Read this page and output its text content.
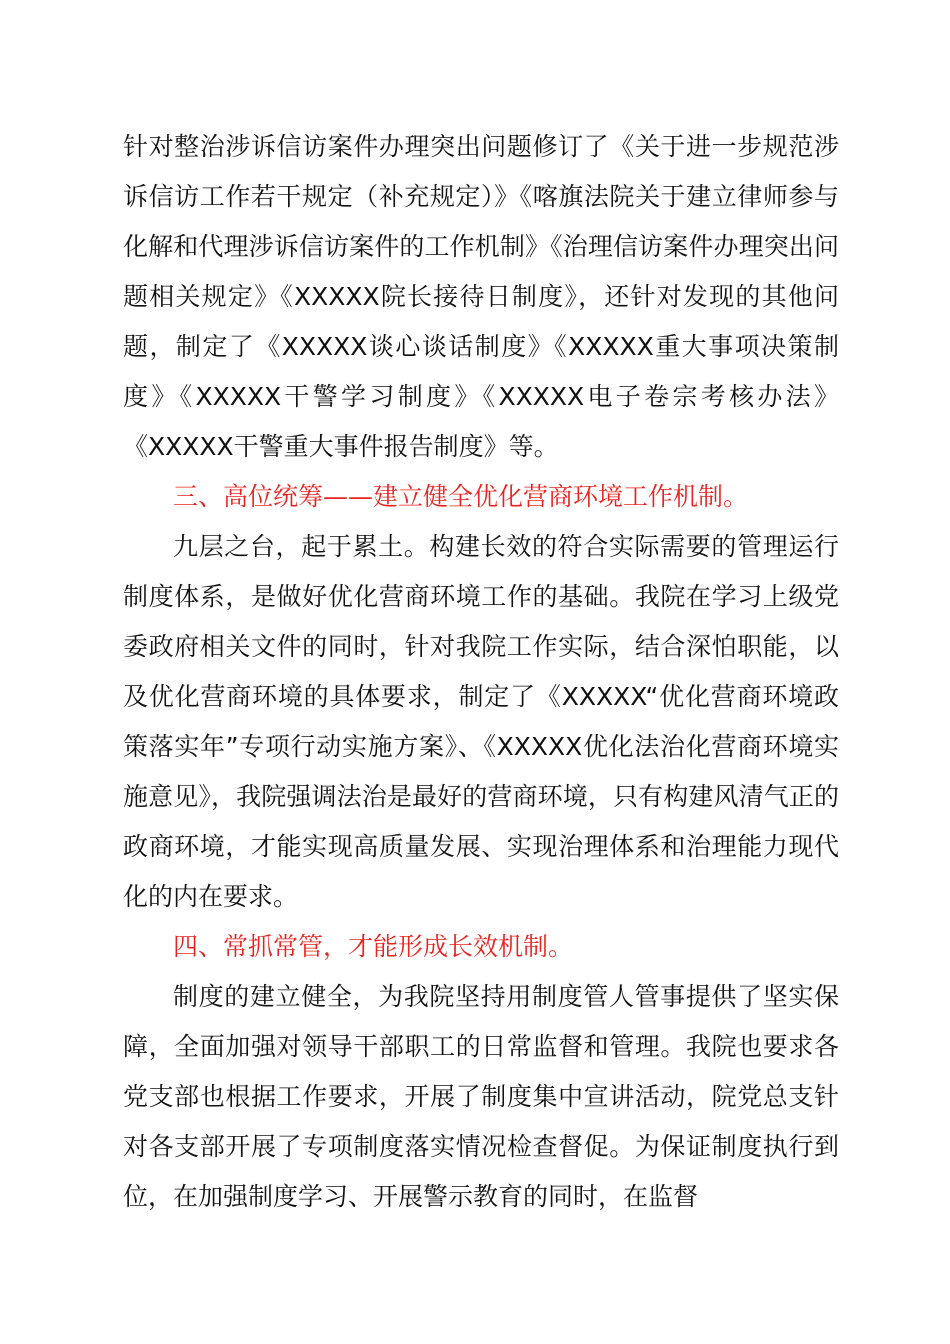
针对整治涉诉信访案件办理突出问题修订了《关于进一步规范涉诉信访工作若干规定（补充规定）》《喀旗法院关于建立律师参与化解和代理涉诉信访案件的工作机制》《治理信访案件办理突出问题相关规定》《XXXXX院长接待日制度》，还针对发现的其他问题，制定了《XXXXX谈心谈话制度》《XXXXX重大事项决策制度》《XXXXX干警学习制度》《XXXXX电子卷宗考核办法》《XXXXX干警重大事件报告制度》等。

三、高位统筹——建立健全优化营商环境工作机制。

九层之台，起于累土。构建长效的符合实际需要的管理运行制度体系，是做好优化营商环境工作的基础。我院在学习上级党委政府相关文件的同时，针对我院工作实际，结合深怕职能，以及优化营商环境的具体要求，制定了《XXXXX“优化营商环境政策落实年”专项行动实施方案》、《XXXXX优化法治化营商环境实施意见》，我院强调法治是最好的营商环境，只有构建风清气正的政商环境，才能实现高质量发展、实现治理体系和治理能力现代化的内在要求。

四、常抓常管，才能形成长效机制。

制度的建立健全，为我院坚持用制度管人管事提供了坚实保障，全面加强对领导干部职工的日常监督和管理。我院也要求各党支部也根据工作要求，开展了制度集中宣讲活动，院党总支针对各支部开展了专项制度落实情况检查督促。为保证制度执行到位，在加强制度学习、开展警示教育的同时，在监督
